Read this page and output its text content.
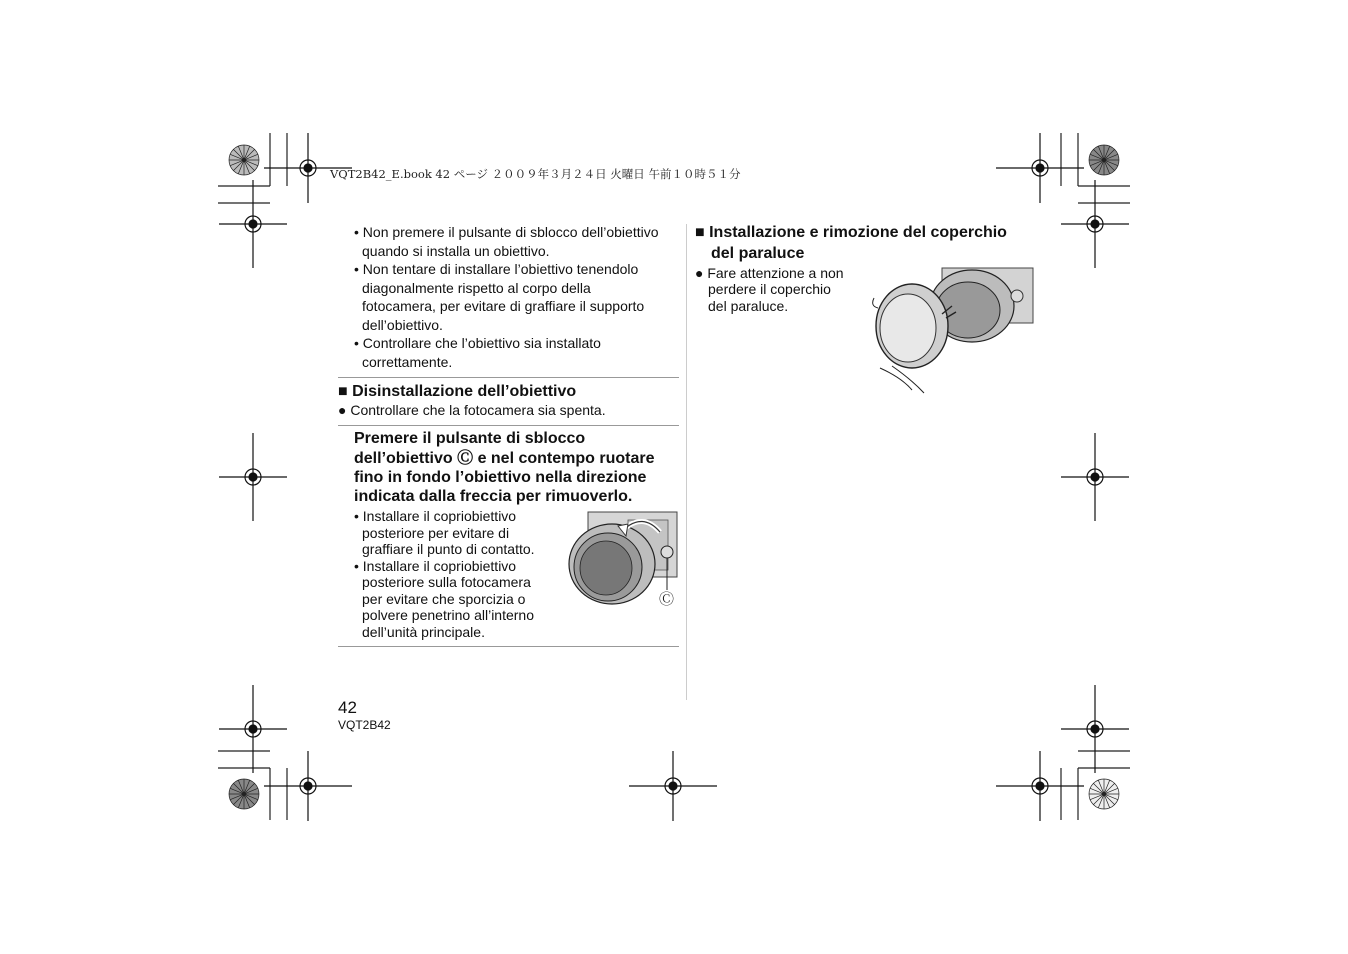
VQT2B42_E.book 42 ページ ２００９年３月２４日 火曜日 午前１０時５１分
• Non premere il pulsante di sblocco dell’obiettivo
quando si installa un obiettivo.
• Non tentare di installare l’obiettivo tenendolo
diagonalmente rispetto al corpo della
fotocamera, per evitare di graffiare il supporto
dell’obiettivo.
• Controllare che l’obiettivo sia installato
correttamente.
■ Disinstallazione dell’obiettivo
● Controllare che la fotocamera sia spenta.
Premere il pulsante di sblocco
dell’obiettivo Ⓒ e nel contempo ruotare
fino in fondo l’obiettivo nella direzione
indicata dalla freccia per rimuoverlo.
• Installare il copriobiettivo
posteriore per evitare di
graffiare il punto di contatto.
• Installare il copriobiettivo
posteriore sulla fotocamera
per evitare che sporcizia o
polvere penetrino all’interno
dell’unità principale.
Ⓒ
■ Installazione e rimozione del coperchio
del paraluce
● Fare attenzione a non
perdere il coperchio
del paraluce.
42
VQT2B42
